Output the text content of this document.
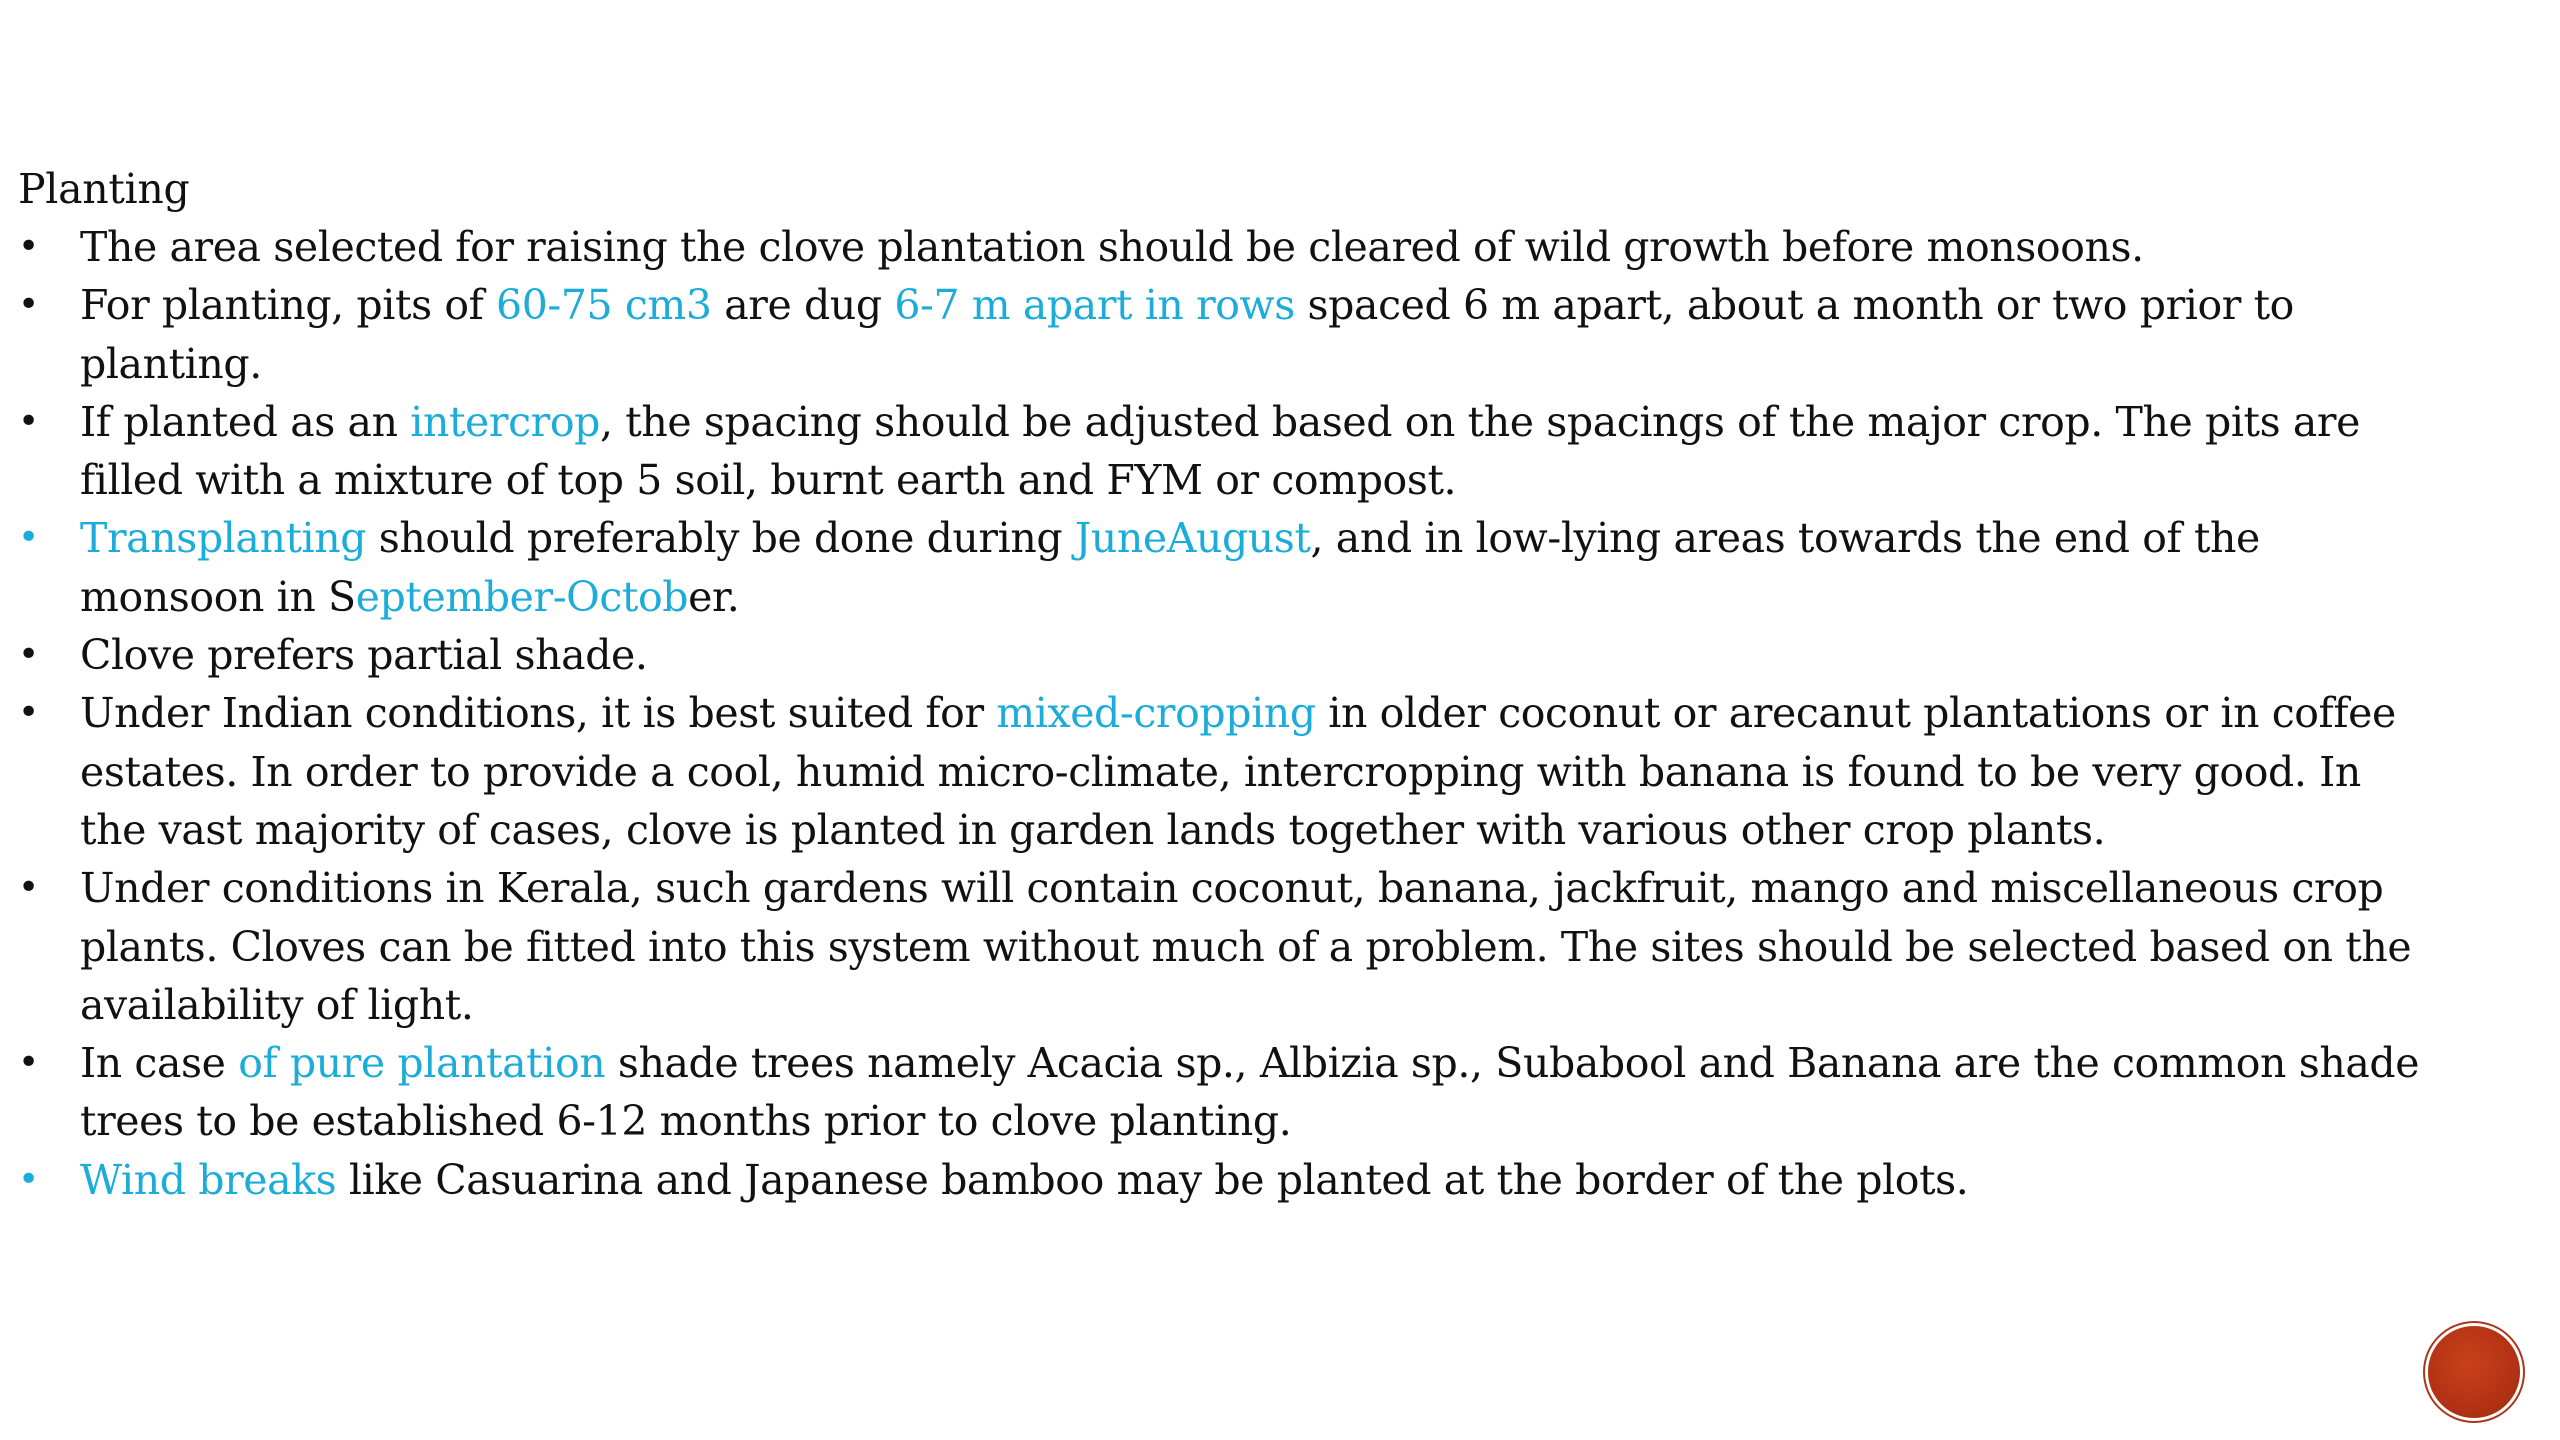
Planting
•	The area selected for raising the clove plantation should be cleared of wild growth before monsoons.
•	For planting, pits of 60-75 cm3 are dug 6-7 m apart in rows spaced 6 m apart, about a month or two prior to planting.
•	If planted as an intercrop, the spacing should be adjusted based on the spacings of the major crop. The pits are filled with a mixture of top 5 soil, burnt earth and FYM or compost.
•	Transplanting should preferably be done during JuneAugust, and in low-lying areas towards the end of the monsoon in September-October.
•	Clove prefers partial shade.
•	Under Indian conditions, it is best suited for mixed-cropping in older coconut or arecanut plantations or in coffee estates. In order to provide a cool, humid micro-climate, intercropping with banana is found to be very good. In the vast majority of cases, clove is planted in garden lands together with various other crop plants.
•	Under conditions in Kerala, such gardens will contain coconut, banana, jackfruit, mango and miscellaneous crop plants. Cloves can be fitted into this system without much of a problem. The sites should be selected based on the availability of light.
•	In case of pure plantation shade trees namely Acacia sp., Albizia sp., Subabool and Banana are the common shade trees to be established 6-12 months prior to clove planting.
•	Wind breaks like Casuarina and Japanese bamboo may be planted at the border of the plots.
